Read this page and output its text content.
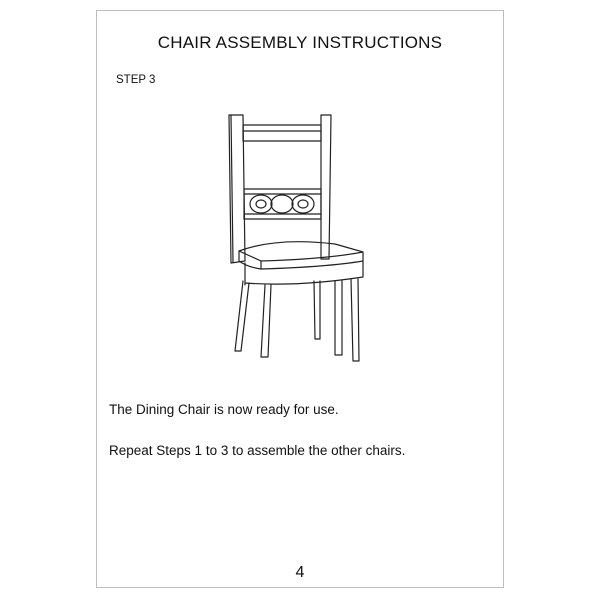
CHAIR ASSEMBLY INSTRUCTIONS
STEP 3
The Dining Chair is now ready for use.
Repeat Steps 1 to 3 to assemble the other chairs.
4
